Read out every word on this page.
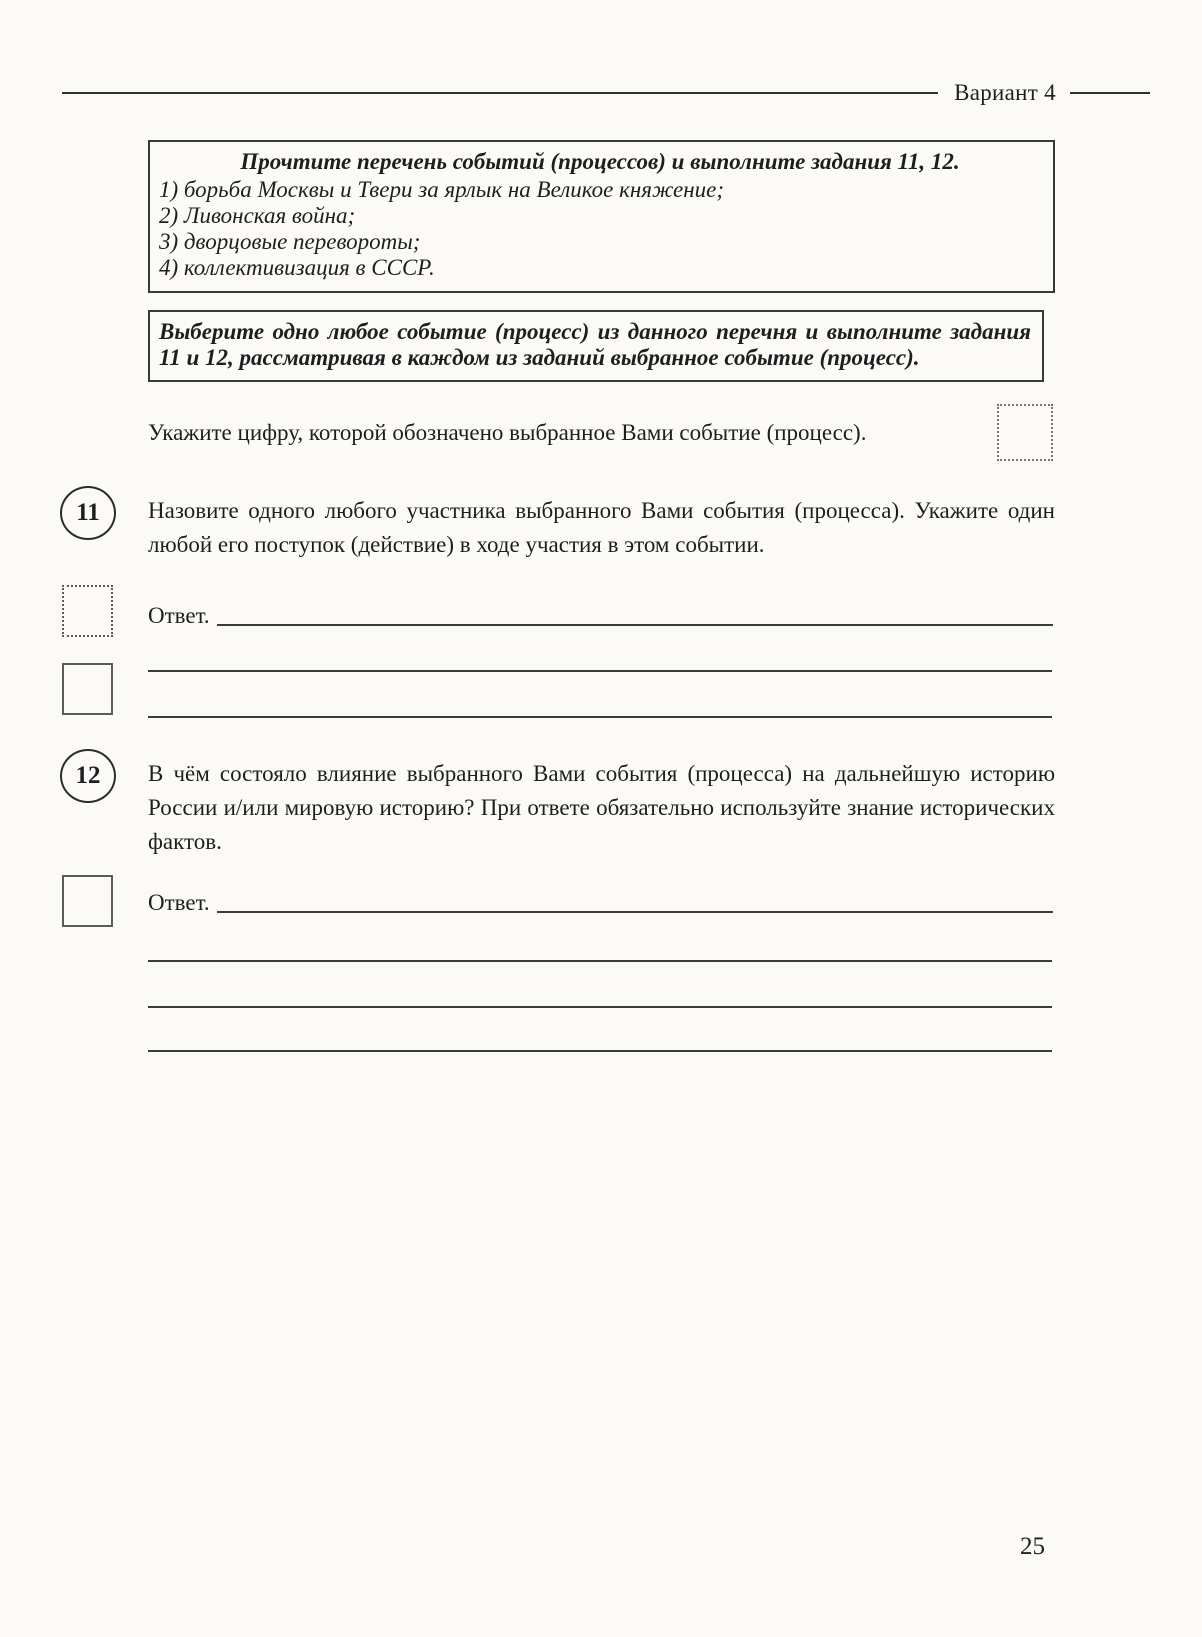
Вариант 4
Прочтите перечень событий (процессов) и выполните задания 11, 12.
1) борьба Москвы и Твери за ярлык на Великое княжение;
2) Ливонская война;
3) дворцовые перевороты;
4) коллективизация в СССР.
Выберите одно любое событие (процесс) из данного перечня и выполните задания 11 и 12, рассматривая в каждом из заданий выбранное событие (процесс).
Укажите цифру, которой обозначено выбранное Вами событие (процесс).
11	Назовите одного любого участника выбранного Вами события (процесса). Укажите один любой его поступок (действие) в ходе участия в этом событии.
Ответ.
12	В чём состояло влияние выбранного Вами события (процесса) на дальнейшую историю России и/или мировую историю? При ответе обязательно используйте знание исторических фактов.
Ответ.
25
